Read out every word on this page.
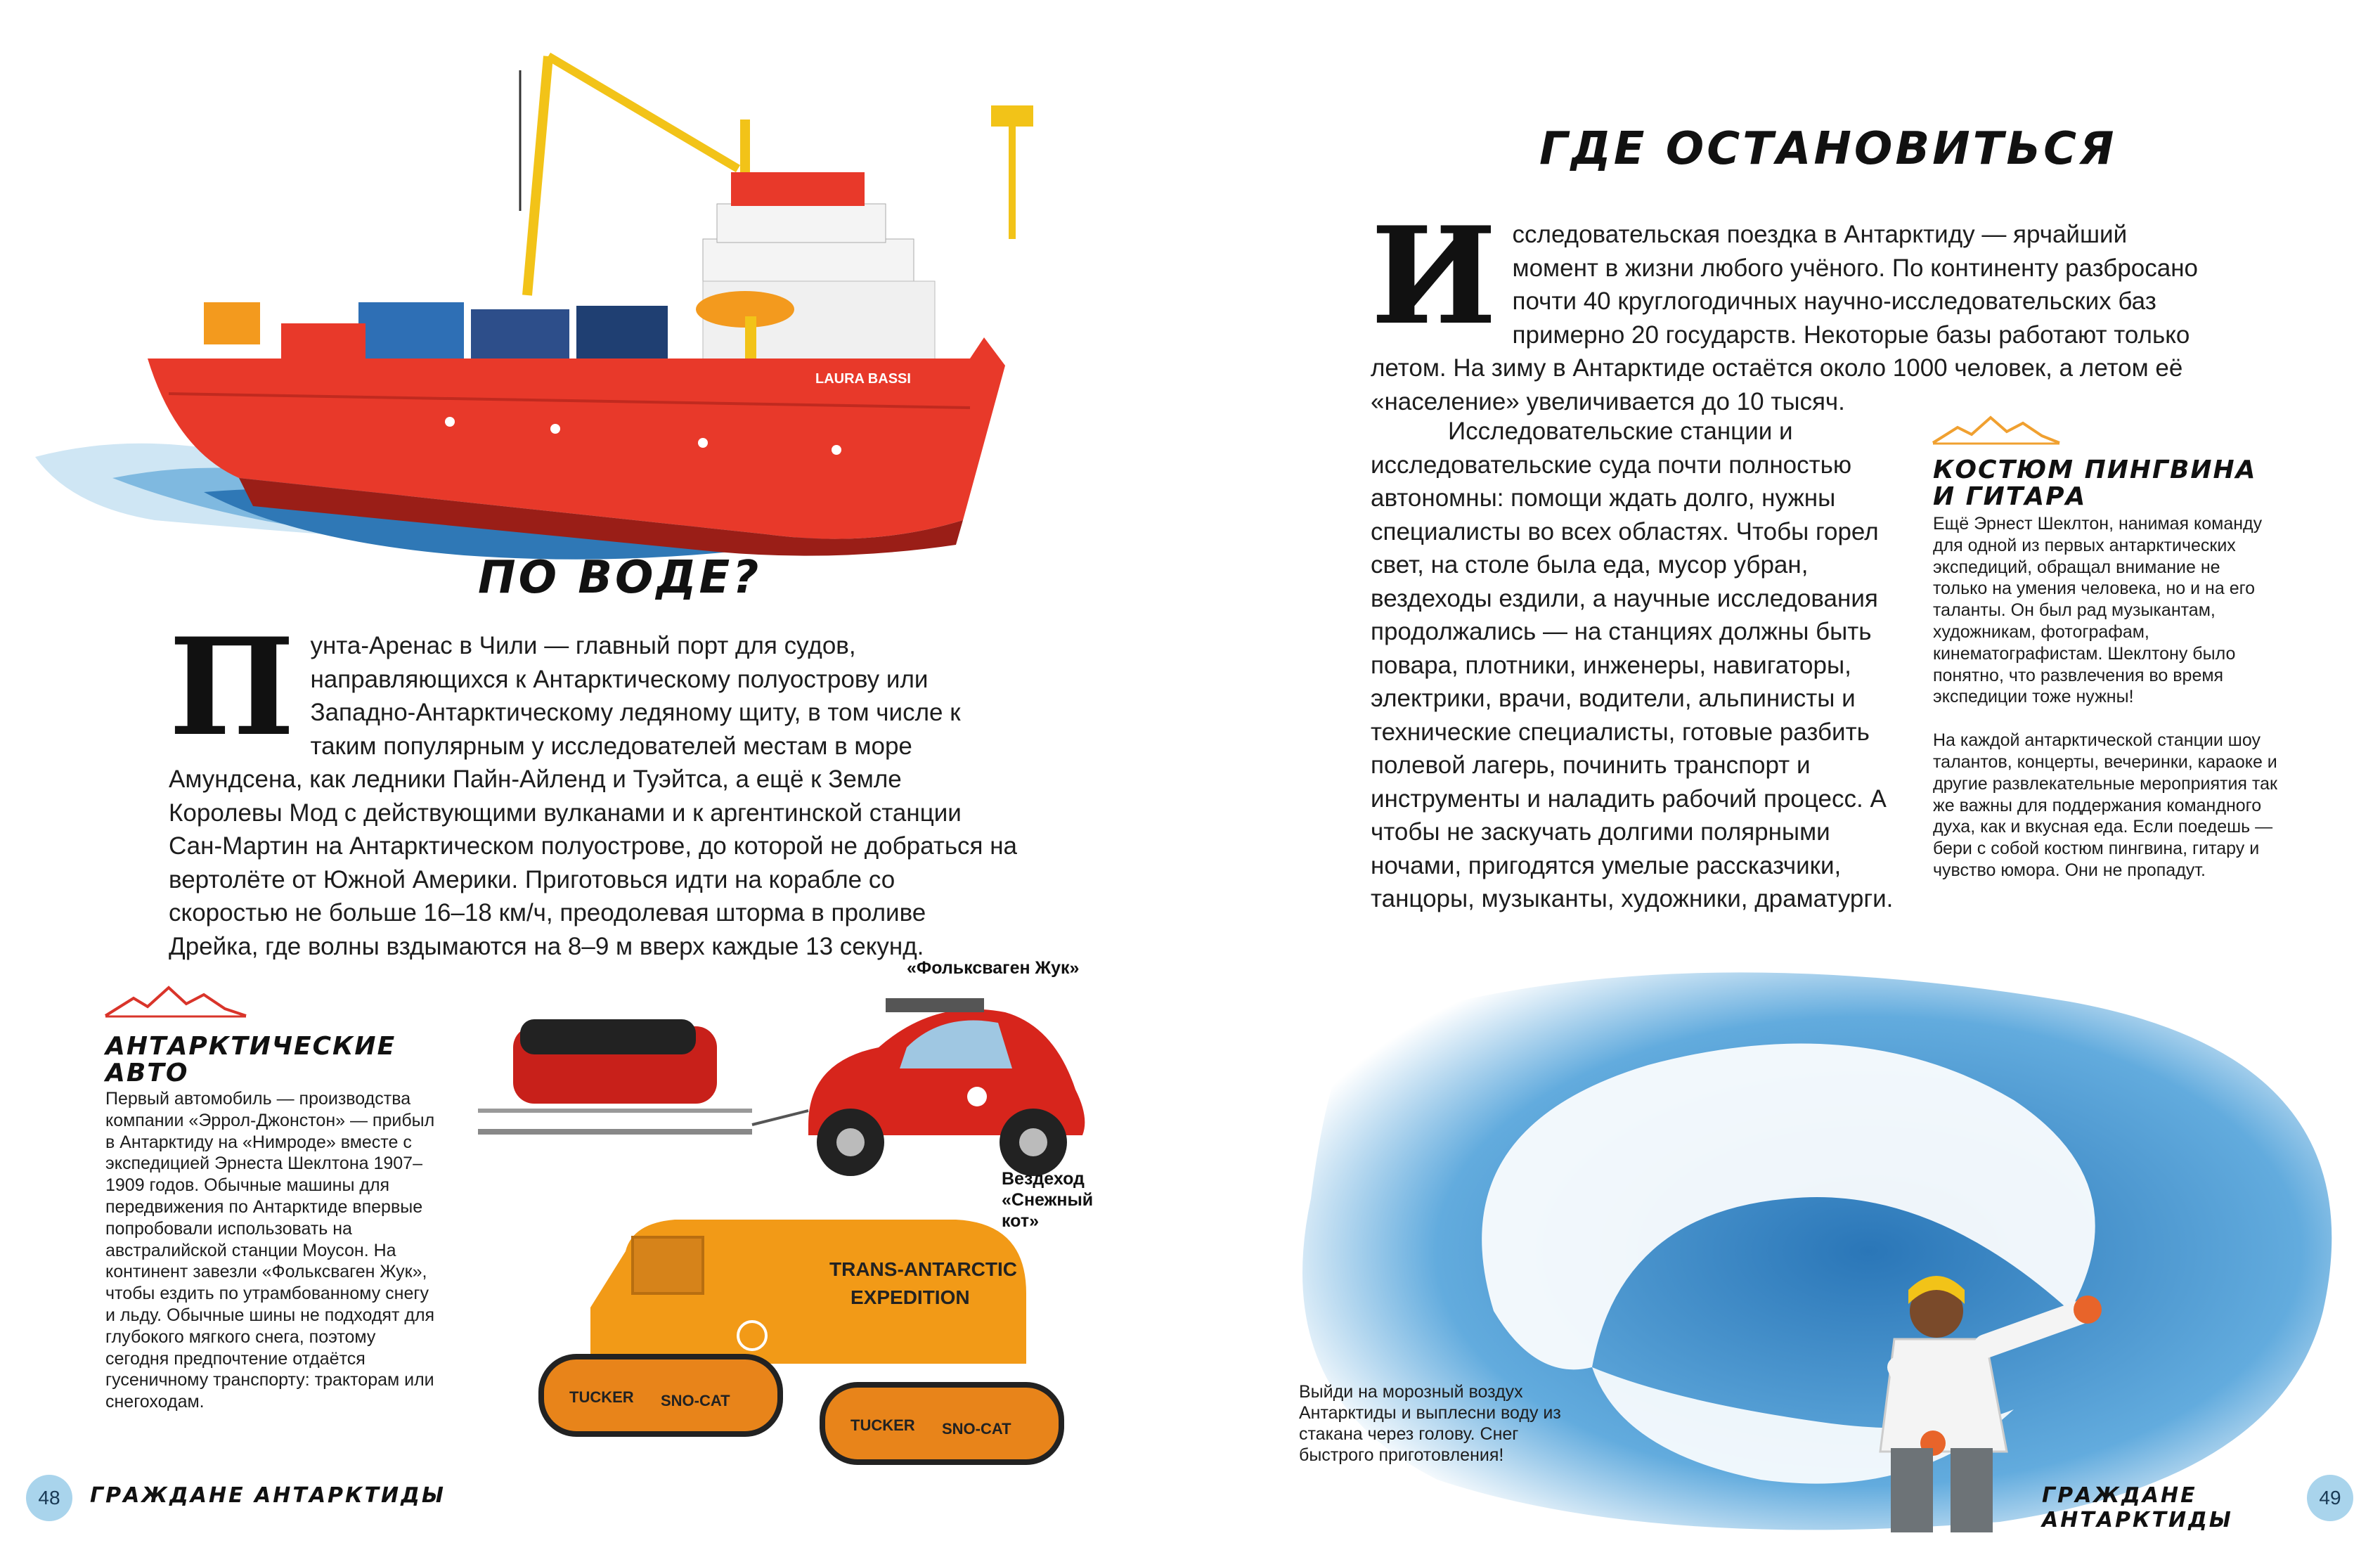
LAURA BASSI
ПО ВОДЕ?
П унта-Аренас в Чили — главный порт для судов, направляющихся к Антарктическому полуострову или Западно-Антарктическому ледяному щиту, в том числе к таким популярным у исследователей местам в море Амундсена, как ледники Пайн-Айленд и Туэйтса, а ещё к Земле Королевы Мод с действующими вулканами и к аргентинской станции Сан-Мартин на Антарктическом полуострове, до которой не добраться на вертолёте от Южной Америки. Приготовься идти на корабле со скоростью не больше 16–18 км/ч, преодолевая шторма в проливе Дрейка, где волны вздымаются на 8–9 м вверх каждые 13 секунд.
АНТАРКТИЧЕСКИЕ
АВТО
Первый автомобиль — производства компании «Эррол-Джонстон» — прибыл в Антарктиду на «Нимроде» вместе с экспедицией Эрнеста Шеклтона 1907–1909 годов. Обычные машины для передвижения по Антарктиде впервые попробовали использовать на австралийской станции Моусон. На континент завезли «Фольксваген Жук», чтобы ездить по утрамбованному снегу и льду. Обычные шины не подходят для глубокого мягкого снега, поэтому сегодня предпочтение отдаётся гусеничному транспорту: тракторам или снегоходам.
«Фольксваген Жук»
Вездеход
«Снежный
кот»
TRANS-ANTARCTIC
EXPEDITION
TUCKER SNO-CAT
TUCKER SNO-CAT
48	ГРАЖДАНЕ АНТАРКТИДЫ
ГДЕ ОСТАНОВИТЬСЯ
И сследовательская поездка в Антарктиду — ярчайший момент в жизни любого учёного. По континенту разбросано почти 40 круглогодичных научно-исследовательских баз примерно 20 государств. Некоторые базы работают только летом. На зиму в Антарктиде остаётся около 1000 человек, а летом её «население» увеличивается до 10 тысяч.
Исследовательские станции и исследовательские суда почти полностью автономны: помощи ждать долго, нужны специалисты во всех областях. Чтобы горел свет, на столе была еда, мусор убран, вездеходы ездили, а научные исследования продолжались — на станциях должны быть повара, плотники, инженеры, навигаторы, электрики, врачи, водители, альпинисты и технические специалисты, готовые разбить полевой лагерь, починить транспорт и инструменты и наладить рабочий процесс. А чтобы не заскучать долгими полярными ночами, пригодятся умелые рассказчики, танцоры, музыканты, художники, драматурги.
КОСТЮМ ПИНГВИНА
И ГИТАРА

Ещё Эрнест Шеклтон, нанимая команду для одной из первых антарктических экспедиций, обращал внимание не только на умения человека, но и на его таланты. Он был рад музыкантам, художникам, фотографам, кинематографистам. Шеклтону было понятно, что развлечения во время экспедиции тоже нужны!

На каждой антарктической станции шоу талантов, концерты, вечеринки, караоке и другие развлекательные мероприятия так же важны для поддержания командного духа, как и вкусная еда. Если поедешь — бери с собой костюм пингвина, гитару и чувство юмора. Они не пропадут.

Выйди на морозный воздух Антарктиды и выплесни воду из стакана через голову. Снег быстрого приготовления!
ГРАЖДАНЕ АНТАРКТИДЫ
49
